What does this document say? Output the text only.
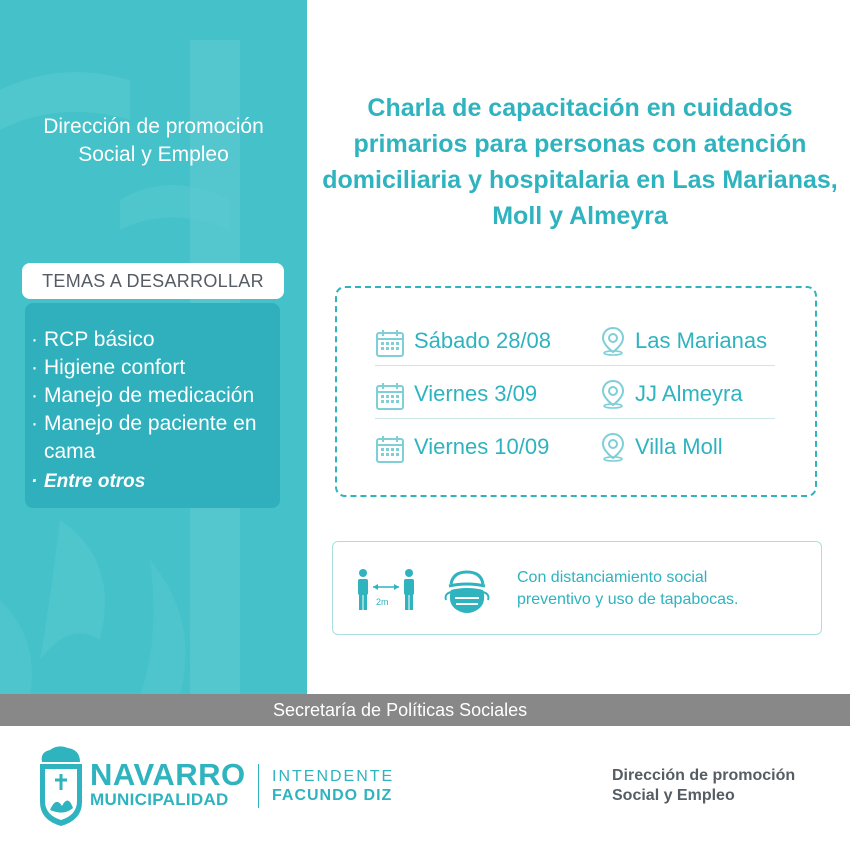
Dirección de promoción
Social y Empleo
TEMAS A DESARROLLAR
· RCP básico
· Higiene confort
· Manejo de medicación
· Manejo de paciente en cama
· Entre otros
Charla de capacitación en cuidados primarios para personas con atención domiciliaria y hospitalaria en Las Marianas, Moll y Almeyra
Sábado 28/08	Las Marianas
Viernes 3/09	JJ Almeyra
Viernes 10/09	Villa Moll
2m
Con distanciamiento social
preventivo y uso de tapabocas.
Secretaría de Políticas Sociales
NAVARRO
MUNICIPALIDAD
INTENDENTE
FACUNDO DIZ
Dirección de promoción
Social y Empleo
